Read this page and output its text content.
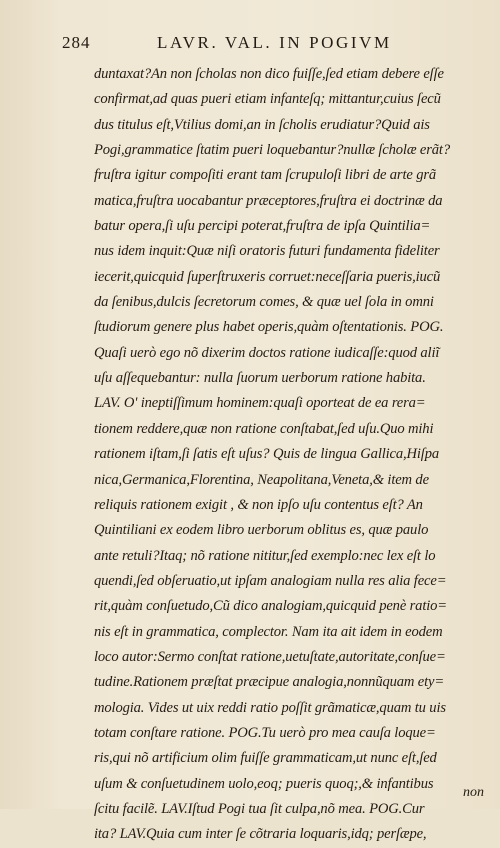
284	LAVR. VAL. IN POGIVM
duntaxat?An non ſcholas non dico fuiſſe,ſed etiam debere eſſe
confirmat,ad quas pueri etiam infanteſq; mittantur,cuius ſecũ
dus titulus eſt,Vtilius domi,an in ſcholis erudiatur?Quid ais
Pogi,grammatice ſtatim pueri loquebantur?nullæ ſcholæ erãt?
fruſtra igitur compoſiti erant tam ſcrupuloſi libri de arte grã
matica,fruſtra uocabantur præceptores,fruſtra ei doctrinæ da
batur opera,ſi uſu percipi poterat,fruſtra de ipſa Quintilia=
nus idem inquit:Quæ niſi oratoris futuri fundamenta fideliter
iecerit,quicquid ſuperſtruxeris corruet:neceſſaria pueris,iucũ
da ſenibus,dulcis ſecretorum comes, & quæ uel ſola in omni
ſtudiorum genere plus habet operis,quàm oſtentationis. POG.
Quaſi uerò ego nõ dixerim doctos ratione iudicaſſe:quod aliĩ
uſu aſſequebantur: nulla ſuorum uerborum ratione habita.
LAV. O' ineptiſſimum hominem:quaſi oporteat de ea rera=
tionem reddere,quæ non ratione conſtabat,ſed uſu.Quo mihi
rationem iſtam,ſi ſatis eſt uſus? Quis de lingua Gallica,Hiſpa
nica,Germanica,Florentina, Neapolitana,Veneta,& item de
reliquis rationem exigit , & non ipſo uſu contentus eſt? An
Quintiliani ex eodem libro uerborum oblitus es, quæ paulo
ante retuli?Itaq; nõ ratione nititur,ſed exemplo:nec lex eſt lo
quendi,ſed obſeruatio,ut ipſam analogiam nulla res alia fece=
rit,quàm conſuetudo,Cũ dico analogiam,quicquid penè ratio=
nis eſt in grammatica, complector. Nam ita ait idem in eodem
loco autor:Sermo conſtat ratione,uetuſtate,autoritate,conſue=
tudine.Rationem præſtat præcipue analogia,nonnũquam ety=
mologia. Vides ut uix reddi ratio poſſit grãmaticæ,quam tu uis
totam conſtare ratione. POG.Tu uerò pro mea cauſa loque=
ris,qui nõ artificium olim fuiſſe grammaticam,ut nunc eſt,ſed
uſum & conſuetudinem uolo,eoq; pueris quoq;,& infantibus
ſcitu facilẽ. LAV.Iſtud Pogi tua ſit culpa,nõ mea. POG.Cur
ita? LAV.Quia cum inter ſe cõtraria loquaris,idq; perſæpe,
non
